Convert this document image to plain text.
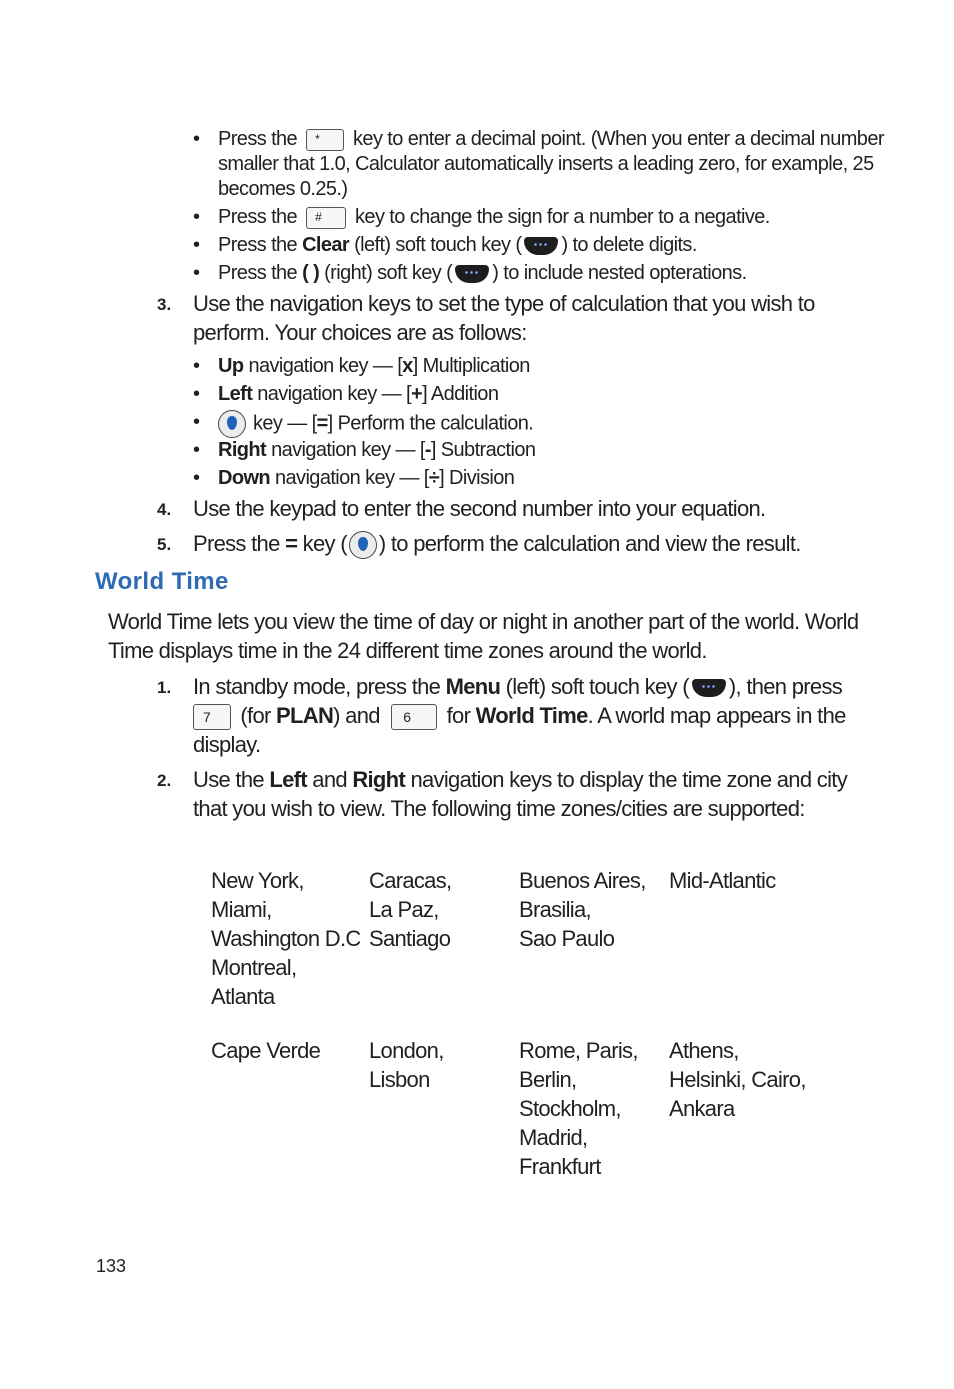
• Press the * key to enter a decimal point. (When you enter a decimal number
smaller that 1.0, Calculator automatically inserts a leading zero, for example, 25
becomes 0.25.)
• Press the # key to change the sign for a number to a negative.
• Press the Clear (left) soft touch key ( ) to delete digits.
• Press the ( ) (right) soft key ( ) to include nested opterations.
3. Use the navigation keys to set the type of calculation that you wish to
perform. Your choices are as follows:
• Up navigation key — [x] Multiplication
• Left navigation key — [+] Addition
•	key — [=] Perform the calculation.
• Right navigation key — [-] Subtraction
• Down navigation key — [÷] Division
4. Use the keypad to enter the second number into your equation.
5. Press the = key ( ) to perform the calculation and view the result.
World Time
World Time lets you view the time of day or night in another part of the world. World
Time displays time in the 24 different time zones around the world.
1. In standby mode, press the Menu (left) soft touch key ( ), then press
7 (for PLAN) and 6 for World Time. A world map appears in the
display.
2. Use the Left and Right navigation keys to display the time zone and city
that you wish to view. The following time zones/cities are supported:
New York,
Miami,
Washington D.C
Montreal,
Atlanta
Caracas,
La Paz,
Santiago
Buenos Aires,
Brasilia,
Sao Paulo
Mid-Atlantic
Cape Verde London,
Lisbon
Rome, Paris,
Berlin,
Stockholm,
Madrid,
Frankfurt
Athens,
Helsinki, Cairo,
Ankara
133
